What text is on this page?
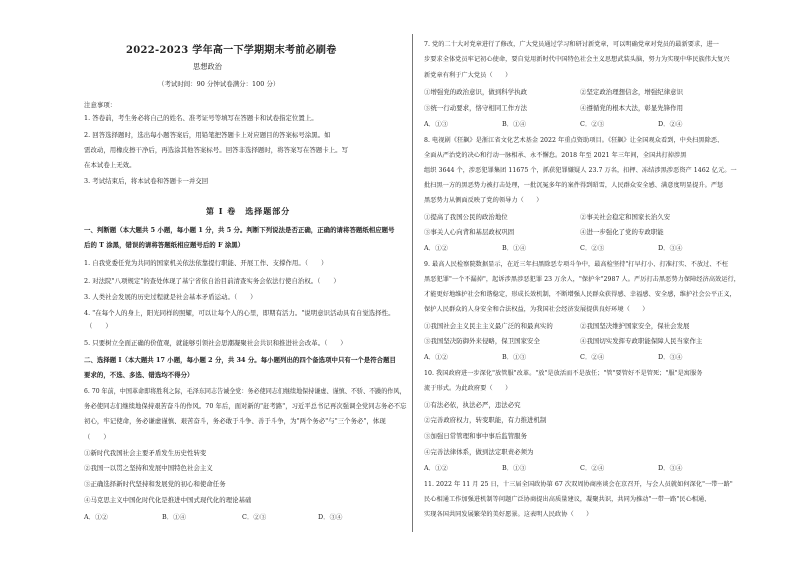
2022-2023 学年高一下学期期末考前必刷卷
思想政治
（考试时间：90 分钟试卷满分：100 分）
注意事项：
1. 答卷前，考生务必将自己的姓名、准考证号等填写在答题卡和试卷指定位置上。
2. 回答选择题时，选出每小题答案后，用铅笔把答题卡上对应题目的答案标号涂黑。如
需改动，用橡皮擦干净后，再选涂其他答案标号。回答非选择题时，将答案写在答题卡上。写
在本试卷上无效。
3. 考试结束后，将本试卷和答题卡一并交回
第 I 卷　选择题部分
一、判断题（本大题共 5 小题，每小题 1 分，共 5 分。判断下列说法是否正确，正确的请将答题纸相应题号
后的 T 涂黑，错误的请将答题纸相应题号后的 F 涂黑）
1. 自我党委任党为共同的国家机关依法依靠提行职能、开展工作、支撑作用。（　　）
2. 对法院"八项规定"的查处体现了基宁省依自治目前清查实务会依法行使自治权。（　　）
3. 人类社会发展的历史过程就是社会基本矛盾运动。（　　）
4. "在每个人的身上，阳光同样的照耀，可以让每个人的心里，即期有活力。"说明意识活动具有自觉选择性。
（　　）
5. 只要树立全面正确的价值观，就能够引领社会思潮凝聚社会共识和推进社会改革。（　　）
二、选择题 I（本大题共 17 小题，每小题 2 分，共 34 分。每小题列出的四个备选项中只有一个是符合题目
要求的，不选、多选、错选均不得分）
6. 70 年前，中国革命即将胜利之际，毛泽东同志告诫全党：务必使同志们继续地保持谦虚、谨慎、不骄、不躁的作风，
务必使同志们继续地保持艰苦奋斗的作风。70 年后，面对新的"赶考路"，习近平总书记再次强调全党同志务必不忘
初心，牢记使命，务必谦虚谨慎、艰苦奋斗，务必敢于斗争、善于斗争，为"两个务必"与"三个务必"，体现
（　　）
①新时代我国社会主要矛盾发生历史性转变
②我国一以贯之坚持和发展中国特色社会主义
③正确选择新时代坚持和发展党的初心和使命任务
④马克思主义中国化时代化是推进中国式现代化的理论基础
A．①②	B．①④	C．②③	D．③④
7. 党的二十大对党章进行了修改，广大党员通过学习和研讨新党章，可以明确党章对党员的最新要求，进一
步要求全体党员牢记初心使命，要自觉用新时代中国特色社会主义思想武装头脑，努力为实现中华民族伟大复兴
新党章有利于广大党员（　　）
①增强党的政治意识，做到科学执政	②坚定政治理想信念，增强纪律意识
③统一行动要求，恪守相同工作方法	④遵循党的根本大法，彰显先锋作用
A．①③	B．①④	C．②③	D．②④
8. 电视剧《狂飙》是浙江省文化艺术基金 2022 年重点资助项目。《狂飙》让全国观众看到，中央扫黑除恶、
全面从严治党的决心和行动一脉相承、永不懈怠。2018 年至 2021 年三年间，全国共打掉涉黑
组织 3644 个，涉恶犯罪集团 11675 个，抓获犯罪嫌疑人 23.7 万名，扣押、冻结涉黑涉恶资产 1462 亿元。一
批扫黑一方的黑恶势力被打击处理，一批沉冤多年的案件得到昭雪，人民群众安全感、满意度明显提升。严惩
黑恶势力从侧面反映了党的领导力（　　）
①提高了我国公民的政治地位	②事关社会稳定和国家长治久安
③事关人心向背和基层政权巩固	④进一步强化了党的专政职能
A．①②	B．①④	C．②③	D．③④
9. 最高人民检察院数据显示，在近三年扫黑除恶专项斗争中，最高检坚持"打早打小、打准打实、不放过、不枉
黑恶犯罪"一个不漏掉"，起诉涉黑涉恶犯罪 23 万余人，"保护伞"2987 人。严厉打击黑恶势力保障经济高效运行，
才能更好地维护社会和谐稳定，形成长效机制，不断增强人民群众获得感、幸福感、安全感，维护社会公平正义，
保护人民群众的人身安全和合法权益，为我国社会经济发展提供良好环境（　　）
①我国社会主义民主主义最广泛的和最真实的	②我国坚决维护国家安全，保社会发展
③我国坚决防御外来侵略，保卫国家安全	④我国切实发挥专政职能保障人民当家作主
A．①②	B．①③	C．②④	D．③④
10. 我国政府进一步深化"放管服"改革。"放"是放活而不是放任；"管"要管好不是管死；"服"是寓服务
流于形式。为此政府要（　　）
①有法必依，执法必严，违法必究
②完善政府权力，转变职能，有力推进机制
③加强日常管理和事中事后监管服务
④完善法律体系，做到法定职责必须为
A．①②	B．①③	C．②④	D．③④
11. 2022 年 11 月 25 日，十三届全国政协第 67 次双周协商座谈会在京召开，与会人员就如何深化"一带一路"
民心相通工作加强进机制等问题广泛协商提出高质量建议，凝聚共识，共同为推动"一带一路"民心相通、
实现各国共同发展繁荣的美好愿景。这表明人民政协（　　）
